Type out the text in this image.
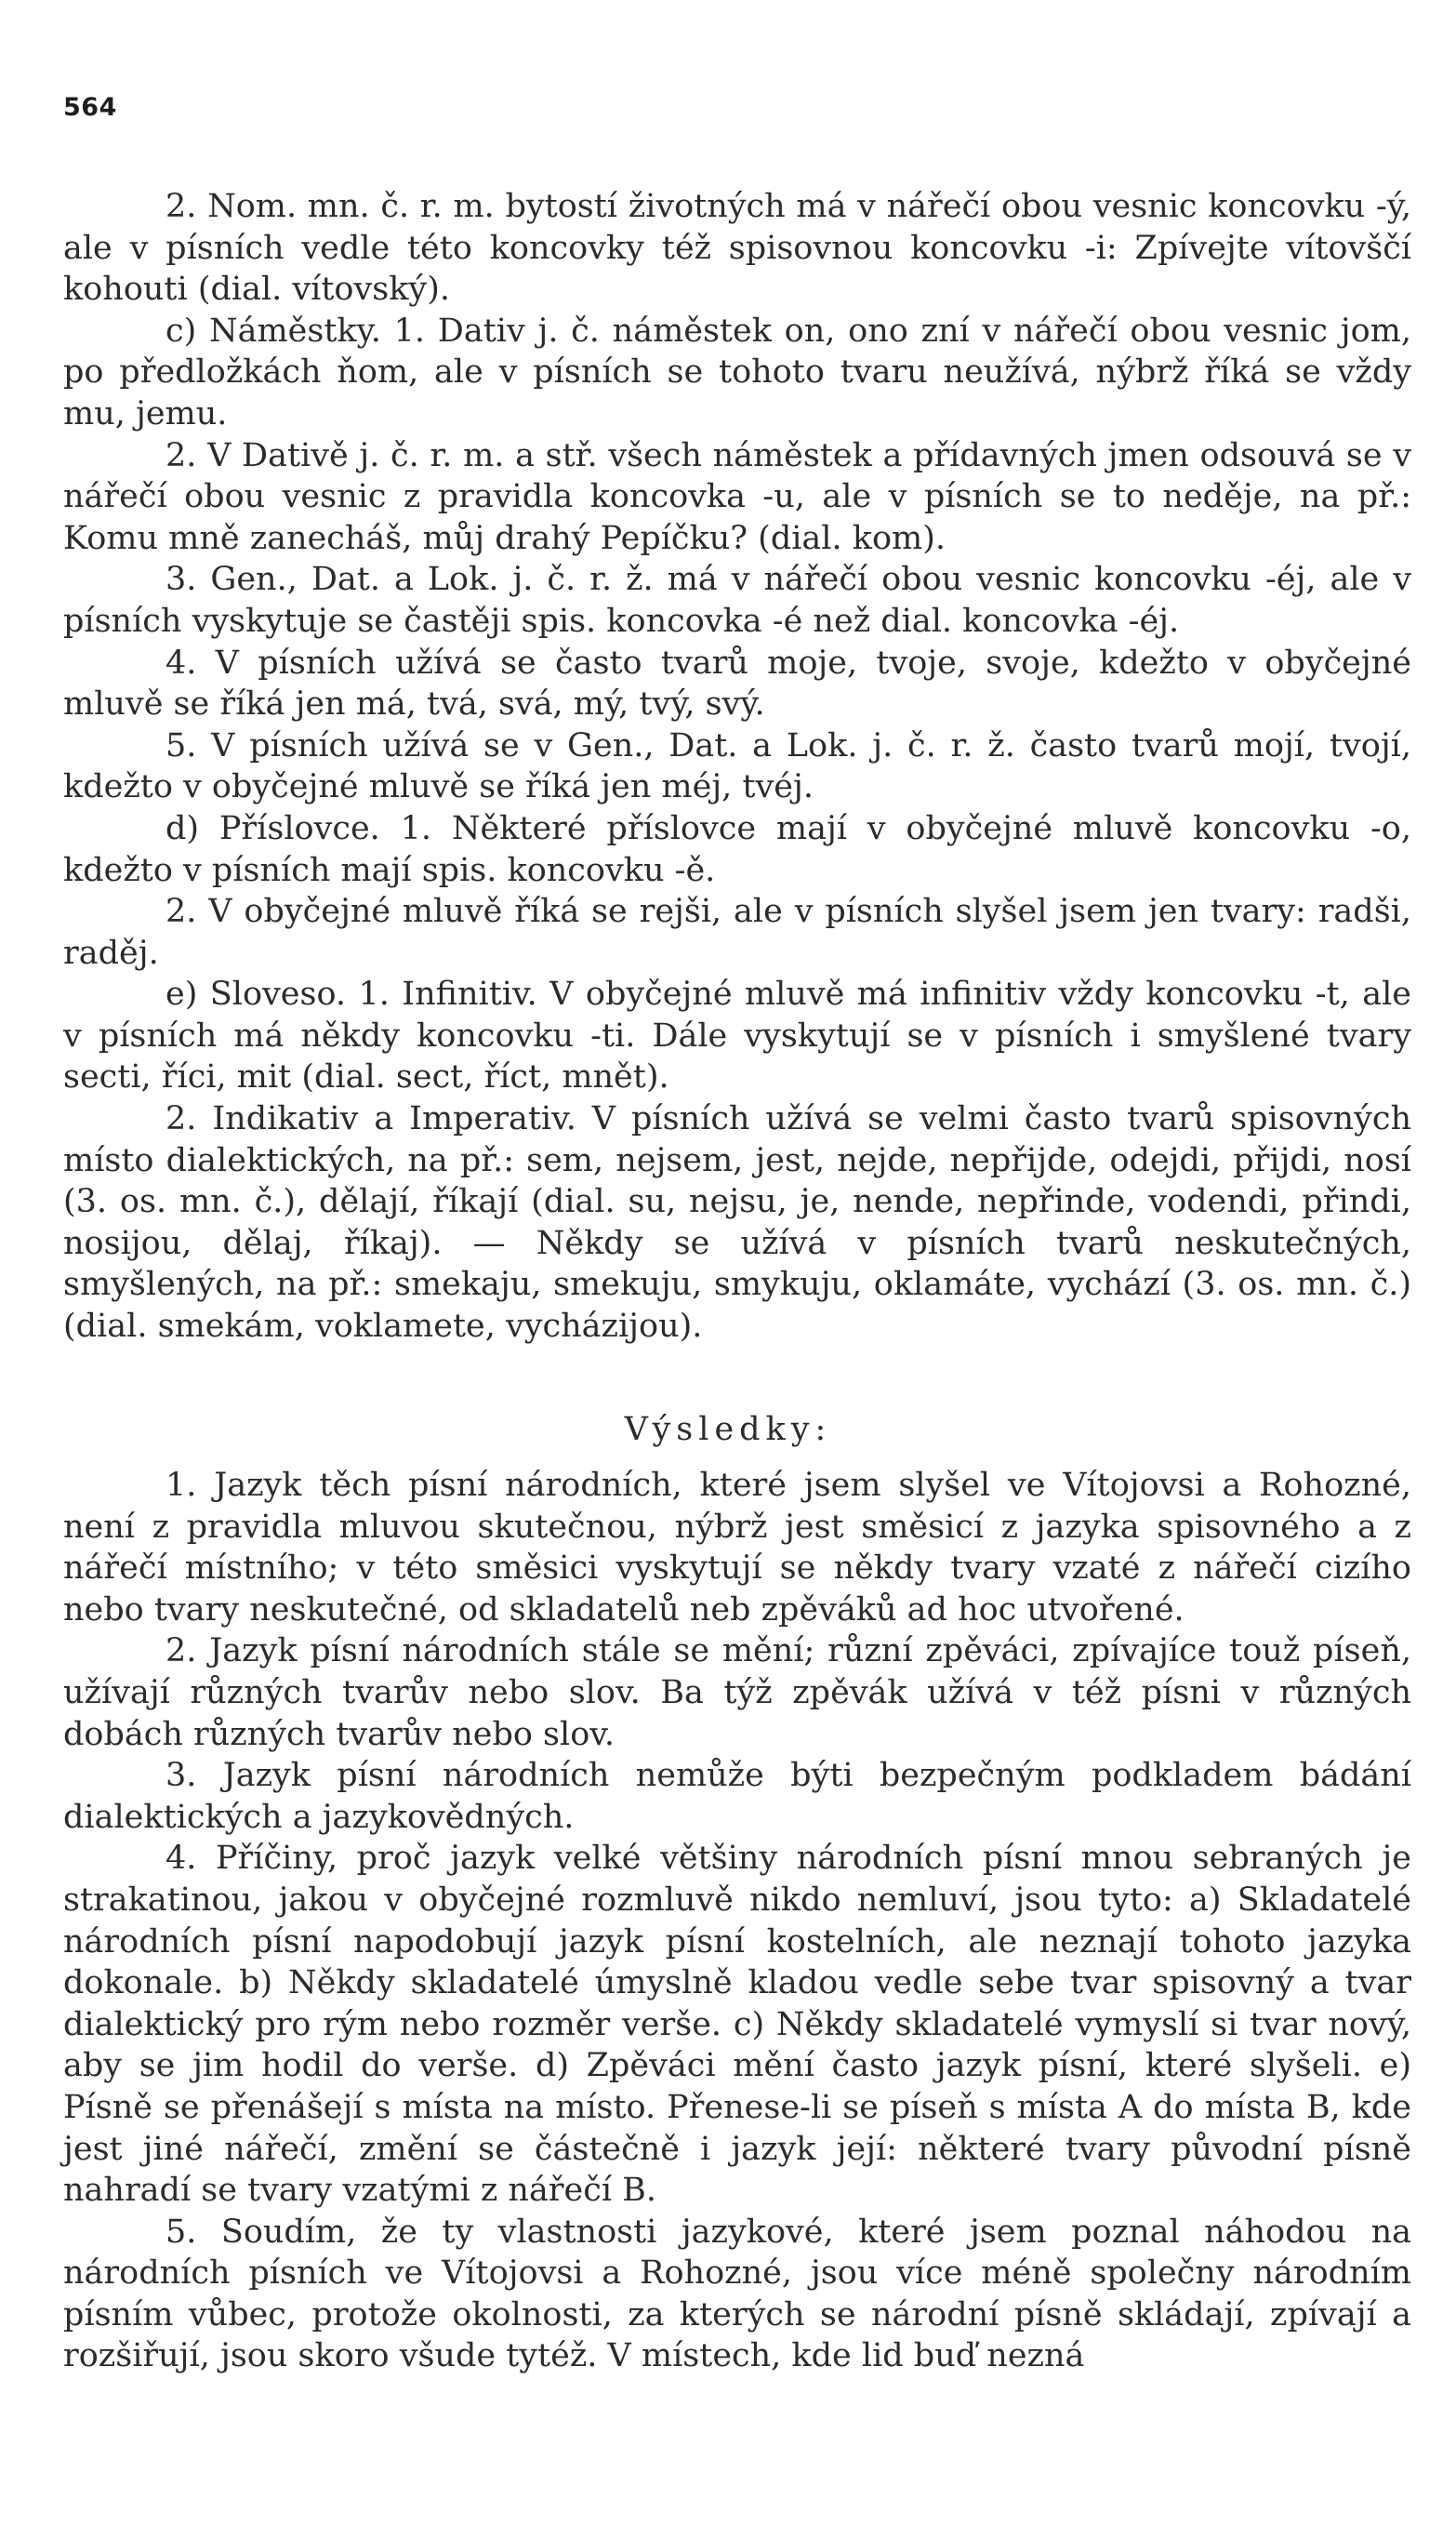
564

2. Nom. mn. č. r. m. bytostí životných má v nářečí obou vesnic koncovku -ý, ale v písních vedle této koncovky též spisovnou koncovku -i: Zpívejte vítovščí kohouti (dial. vítovský).

c) Náměstky. 1. Dativ j. č. náměstek on, ono zní v nářečí obou vesnic jom, po předložkách ňom, ale v písních se tohoto tvaru neužívá, nýbrž říká se vždy mu, jemu.

2. V Dativě j. č. r. m. a stř. všech náměstek a přídavných jmen odsouvá se v nářečí obou vesnic z pravidla koncovka -u, ale v písních se to neděje, na př.: Komu mně zanecháš, můj drahý Pepíčku? (dial. kom).

3. Gen., Dat. a Lok. j. č. r. ž. má v nářečí obou vesnic koncovku -éj, ale v písních vyskytuje se častěji spis. koncovka -é než dial. koncovka -éj.

4. V písních užívá se často tvarů moje, tvoje, svoje, kdežto v obyčejné mluvě se říká jen má, tvá, svá, mý, tvý, svý.

5. V písních užívá se v Gen., Dat. a Lok. j. č. r. ž. často tvarů mojí, tvojí, kdežto v obyčejné mluvě se říká jen méj, tvéj.

d) Příslovce. 1. Některé příslovce mají v obyčejné mluvě koncovku -o, kdežto v písních mají spis. koncovku -ě.

2. V obyčejné mluvě říká se rejši, ale v písních slyšel jsem jen tvary: radši, raděj.

e) Sloveso. 1. Infinitiv. V obyčejné mluvě má infinitiv vždy koncovku -t, ale v písních má někdy koncovku -ti. Dále vyskytují se v písních i smyšlené tvary secti, říci, mit (dial. sect, říct, mnět).

2. Indikativ a Imperativ. V písních užívá se velmi často tvarů spisovných místo dialektických, na př.: sem, nejsem, jest, nejde, nepřijde, odejdi, přijdi, nosí (3. os. mn. č.), dělají, říkají (dial. su, nejsu, je, nende, nepřinde, vodendi, přindi, nosijou, dělaj, říkaj). — Někdy se užívá v písních tvarů neskutečných, smyšlených, na př.: smekaju, smekuju, smykuju, oklamáte, vychází (3. os. mn. č.) (dial. smekám, voklamete, vycházijou).

Výsledky:

1. Jazyk těch písní národních, které jsem slyšel ve Vítojovsi a Rohozné, není z pravidla mluvou skutečnou, nýbrž jest směsicí z jazyka spisovného a z nářečí místního; v této směsici vyskytují se někdy tvary vzaté z nářečí cizího nebo tvary neskutečné, od skladatelů neb zpěváků ad hoc utvořené.

2. Jazyk písní národních stále se mění; různí zpěváci, zpívajíce touž píseň, užívají různých tvarův nebo slov. Ba týž zpěvák užívá v též písni v různých dobách různých tvarův nebo slov.

3. Jazyk písní národních nemůže býti bezpečným podkladem bádání dialektických a jazykovědných.

4. Příčiny, proč jazyk velké většiny národních písní mnou sebraných je strakatinou, jakou v obyčejné rozmluvě nikdo nemluví, jsou tyto: a) Skladatelé národních písní napodobují jazyk písní kostelních, ale neznají tohoto jazyka dokonale. b) Někdy skladatelé úmyslně kladou vedle sebe tvar spisovný a tvar dialektický pro rým nebo rozměr verše. c) Někdy skladatelé vymyslí si tvar nový, aby se jim hodil do verše. d) Zpěváci mění často jazyk písní, které slyšeli. e) Písně se přenášejí s místa na místo. Přenese-li se píseň s místa A do místa B, kde jest jiné nářečí, změní se částečně i jazyk její: některé tvary původní písně nahradí se tvary vzatými z nářečí B.

5. Soudím, že ty vlastnosti jazykové, které jsem poznal náhodou na národních písních ve Vítojovsi a Rohozné, jsou více méně společny národním písním vůbec, protože okolnosti, za kterých se národní písně skládají, zpívají a rozšiřují, jsou skoro všude tytéž. V místech, kde lid buď nezná
